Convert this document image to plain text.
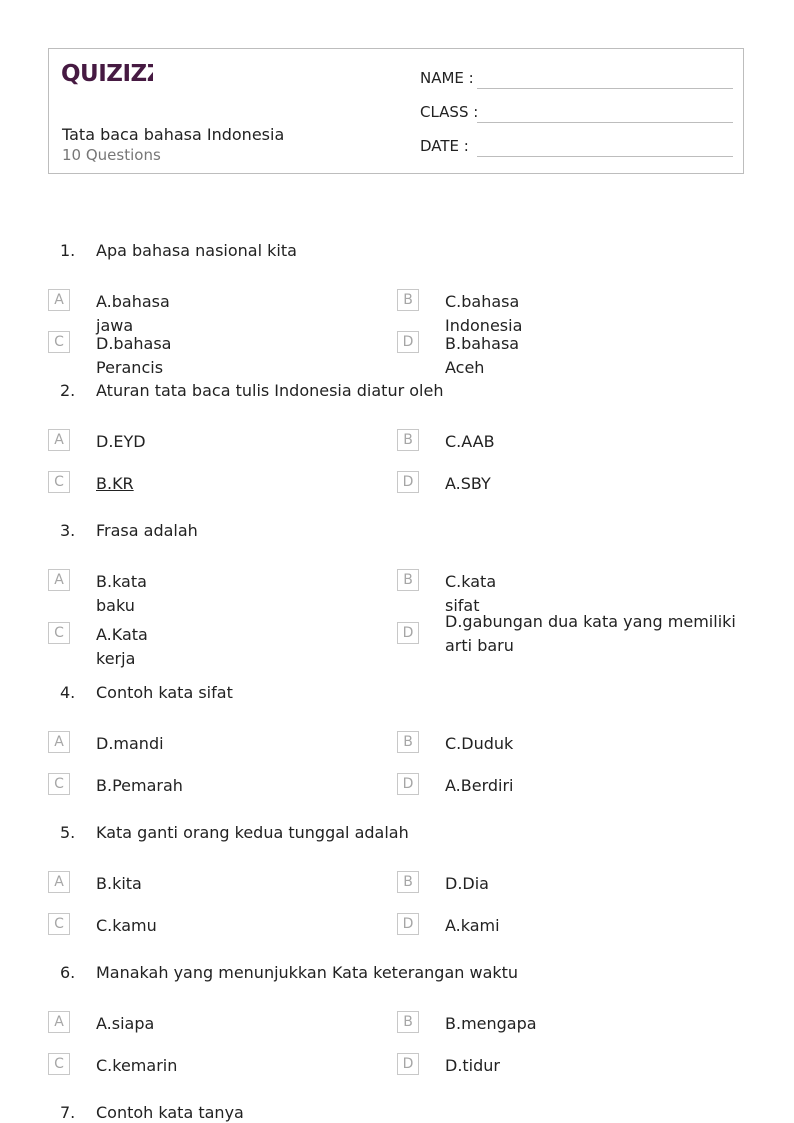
QUIZIZZ
Tata baca bahasa Indonesia
10 Questions
NAME :
CLASS :
DATE :
1. Apa bahasa nasional kita
A	A.bahasa jawa
B	C.bahasa Indonesia
C	D.bahasa Perancis
D	B.bahasa Aceh
2. Aturan tata baca tulis Indonesia diatur oleh
A	D.EYD	B	C.AAB
C	B.KR	D	A.SBY
3. Frasa adalah
A	B.kata baku
B	C.kata sifat
C	A.Kata kerja
D
D.gabungan dua kata yang memiliki arti baru
4. Contoh kata sifat
A	D.mandi	B	C.Duduk
C	B.Pemarah	D	A.Berdiri
5. Kata ganti orang kedua tunggal adalah
A	B.kita	B	D.Dia
C	C.kamu	D	A.kami
6. Manakah yang menunjukkan Kata keterangan waktu
A	A.siapa	B	B.mengapa
C	C.kemarin	D	D.tidur
7. Contoh kata tanya
